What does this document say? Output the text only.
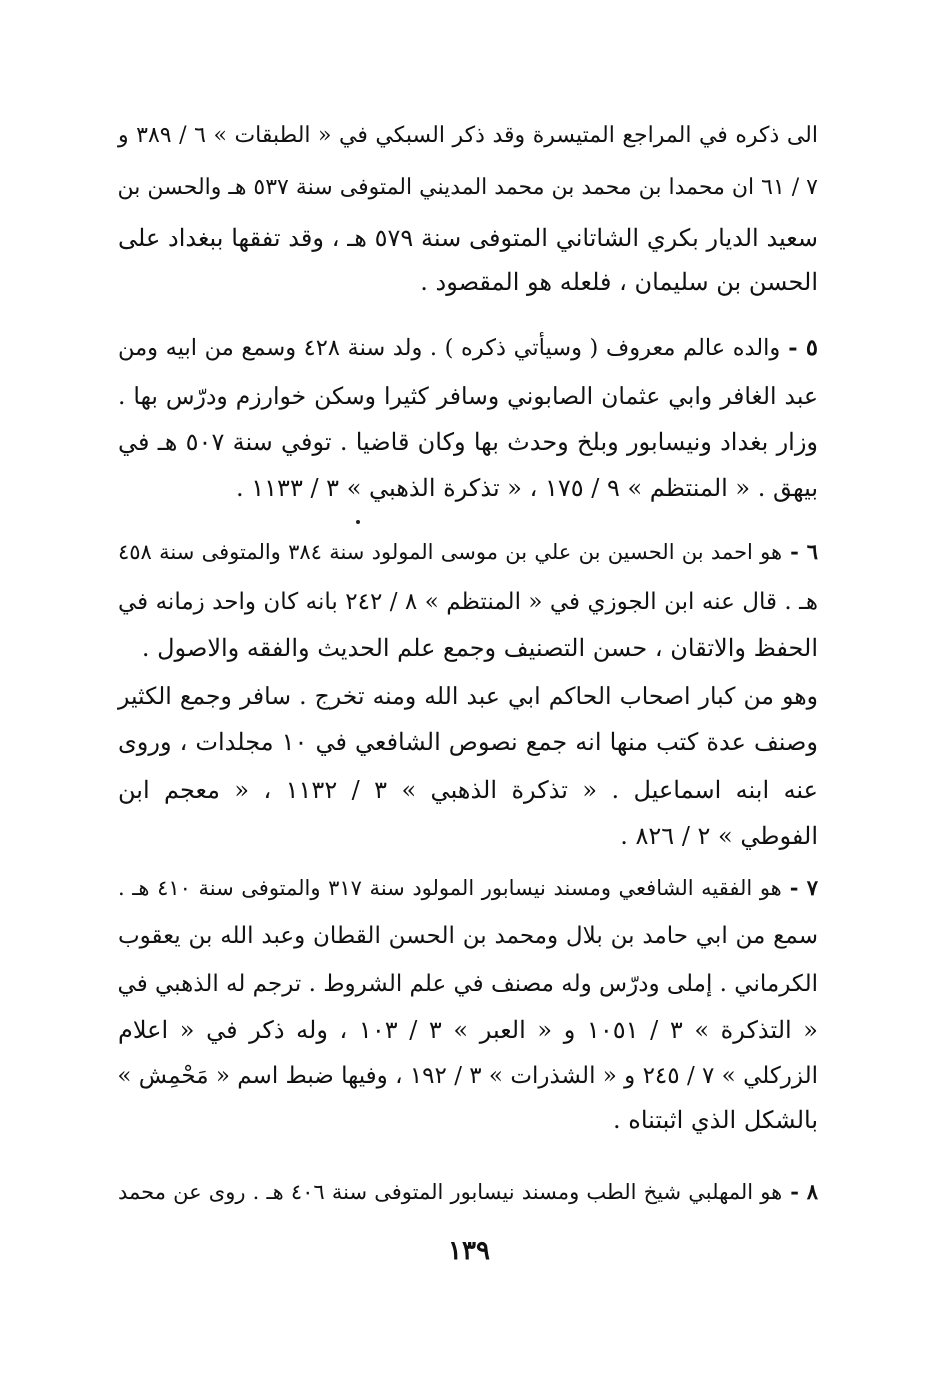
الى ذكره في المراجع المتيسرة وقد ذكر السبكي في « الطبقات » ٦ / ٣٨٩ و
٧ / ٦١ ان محمدا بن محمد بن محمد المديني المتوفى سنة ٥٣٧ هـ والحسن بن
سعيد الديار بكري الشاتاني المتوفى سنة ٥٧٩ هـ ، وقد تفقها ببغداد على
الحسن بن سليمان ، فلعله هو المقصود .
٥ -والده عالم معروف ( وسيأتي ذكره ) . ولد سنة ٤٢٨ وسمع من ابيه ومن
عبد الغافر وابي عثمان الصابوني وسافر كثيرا وسكن خوارزم ودرّس بها .
وزار بغداد ونيسابور وبلخ وحدث بها وكان قاضيا . توفي سنة ٥٠٧ هـ في
بيهق . « المنتظم » ٩ / ١٧٥ ، « تذكرة الذهبي » ٣ / ١١٣٣ .
٦ -هو احمد بن الحسين بن علي بن موسى المولود سنة ٣٨٤ والمتوفى سنة ٤٥٨
هـ . قال عنه ابن الجوزي في « المنتظم » ٨ / ٢٤٢ بانه كان واحد زمانه في
الحفظ والاتقان ، حسن التصنيف وجمع علم الحديث والفقه والاصول .
وهو من كبار اصحاب الحاكم ابي عبد الله ومنه تخرج . سافر وجمع الكثير
وصنف عدة كتب منها انه جمع نصوص الشافعي في ١٠ مجلدات ، وروى
عنه ابنه اسماعيل . « تذكرة الذهبي » ٣ / ١١٣٢ ، « معجم ابن
الفوطي » ٢ / ٨٢٦ .
٧ -هو الفقيه الشافعي ومسند نيسابور المولود سنة ٣١٧ والمتوفى سنة ٤١٠ هـ .
سمع من ابي حامد بن بلال ومحمد بن الحسن القطان وعبد الله بن يعقوب
الكرماني . إملى ودرّس وله مصنف في علم الشروط . ترجم له الذهبي في
« التذكرة » ٣ / ١٠٥١ و « العبر » ٣ / ١٠٣ ، وله ذكر في « اعلام
الزركلي » ٧ / ٢٤٥ و « الشذرات » ٣ / ١٩٢ ، وفيها ضبط اسم « مَحْمِش »
بالشكل الذي اثبتناه .
٨ -هو المهلبي شيخ الطب ومسند نيسابور المتوفى سنة ٤٠٦ هـ . روى عن محمد
١٣٩
